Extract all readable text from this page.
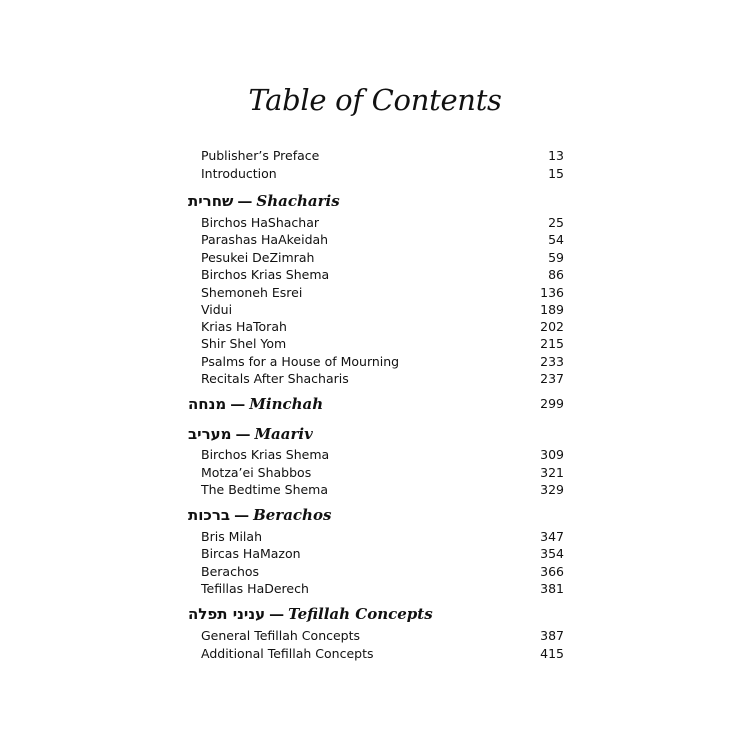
Table of Contents
Publisher’s Preface	13
Introduction	15
שחרית — Shacharis
Birchos HaShachar	25
Parashas HaAkeidah	54
Pesukei DeZimrah	59
Birchos Krias Shema	86
Shemoneh Esrei	136
Vidui	189
Krias HaTorah	202
Shir Shel Yom	215
Psalms for a House of Mourning	233
Recitals After Shacharis	237
מנחה — Minchah	299
מעריב — Maariv
Birchos Krias Shema	309
Motza’ei Shabbos	321
The Bedtime Shema	329
ברכות — Berachos
Bris Milah	347
Bircas HaMazon	354
Berachos	366
Tefillas HaDerech	381
עניני תפלה — Tefillah Concepts
General Tefillah Concepts	387
Additional Tefillah Concepts	415
